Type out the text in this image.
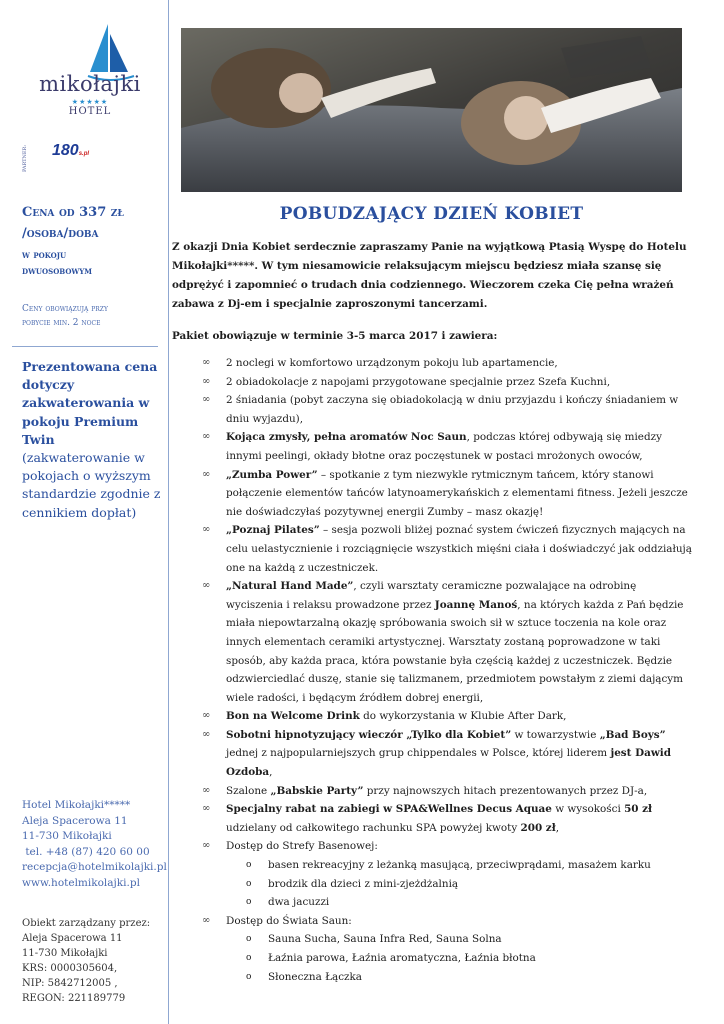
mikołajki
★★★★★
HOTEL
PARTNER: 180s.pl
Cena od 337 zł
/osoba/doba
w pokoju
dwuosobowym
Ceny obowiązują przy
pobycie min. 2 noce
Prezentowana cena dotyczy zakwaterowania w pokoju Premium Twin (zakwaterowanie w pokojach o wyższym standardzie zgodnie z cennikiem dopłat)
Hotel Mikołajki*****
Aleja Spacerowa 11
11-730 Mikołajki
tel. +48 (87) 420 60 00
recepcja@hotelmikolajki.pl
www.hotelmikolajki.pl
Obiekt zarządzany przez:
Aleja Spacerowa 11
11-730 Mikołajki
KRS: 0000305604,
NIP: 5842712005 ,
REGON: 221189779
POBUDZAJĄCY DZIEŃ KOBIET
Z okazji Dnia Kobiet serdecznie zapraszamy Panie na wyjątkową Ptasią Wyspę do Hotelu Mikołajki*****. W tym niesamowicie relaksującym miejscu będziesz miała szansę się odprężyć i zapomnieć o trudach dnia codziennego. Wieczorem czeka Cię pełna wrażeń zabawa z Dj-em i specjalnie zaproszonymi tancerzami.
Pakiet obowiązuje w terminie 3-5 marca 2017 i zawiera:
∞ 2 noclegi w komfortowo urządzonym pokoju lub apartamencie,
∞ 2 obiadokolacje z napojami przygotowane specjalnie przez Szefa Kuchni,
∞ 2 śniadania (pobyt zaczyna się obiadokolacją w dniu przyjazdu i kończy śniadaniem w dniu wyjazdu),
∞ Kojąca zmysły, pełna aromatów Noc Saun, podczas której odbywają się miedzy innymi peelingi, okłady błotne oraz poczęstunek w postaci mrożonych owoców,
∞ „Zumba Power” – spotkanie z tym niezwykle rytmicznym tańcem, który stanowi połączenie elementów tańców latynoamerykańskich z elementami fitness. Jeżeli jeszcze nie doświadczyłaś pozytywnej energii Zumby – masz okazję!
∞ „Poznaj Pilates” – sesja pozwoli bliżej poznać system ćwiczeń fizycznych mających na celu uelastycznienie i rozciągnięcie wszystkich mięśni ciała i doświadczyć jak oddziałują one na każdą z uczestniczek.
∞ „Natural Hand Made”, czyli warsztaty ceramiczne pozwalające na odrobinę wyciszenia i relaksu prowadzone przez Joannę Manoś, na których każda z Pań będzie miała niepowtarzalną okazję spróbowania swoich sił w sztuce toczenia na kole oraz innych elementach ceramiki artystycznej. Warsztaty zostaną poprowadzone w taki sposób, aby każda praca, która powstanie była częścią każdej z uczestniczek. Będzie odzwierciedlać duszę, stanie się talizmanem, przedmiotem powstałym z ziemi dającym wiele radości, i będącym źródłem dobrej energii,
∞ Bon na Welcome Drink do wykorzystania w Klubie After Dark,
∞ Sobotni hipnotyzujący wieczór „Tylko dla Kobiet” w towarzystwie „Bad Boys” jednej z najpopularniejszych grup chippendales w Polsce, której liderem jest Dawid Ozdoba,
∞ Szalone „Babskie Party” przy najnowszych hitach prezentowanych przez DJ-a,
∞ Specjalny rabat na zabiegi w SPA&Wellnes Decus Aquae w wysokości 50 zł udzielany od całkowitego rachunku SPA powyżej kwoty 200 zł,
∞ Dostęp do Strefy Basenowej:
o basen rekreacyjny z leżanką masującą, przeciwprądami, masażem karku
o brodzik dla dzieci z mini-zjeżdżalnią
o dwa jacuzzi
∞ Dostęp do Świata Saun:
o Sauna Sucha, Sauna Infra Red, Sauna Solna
o Łaźnia parowa, Łaźnia aromatyczna, Łaźnia błotna
o Słoneczna Łączka
